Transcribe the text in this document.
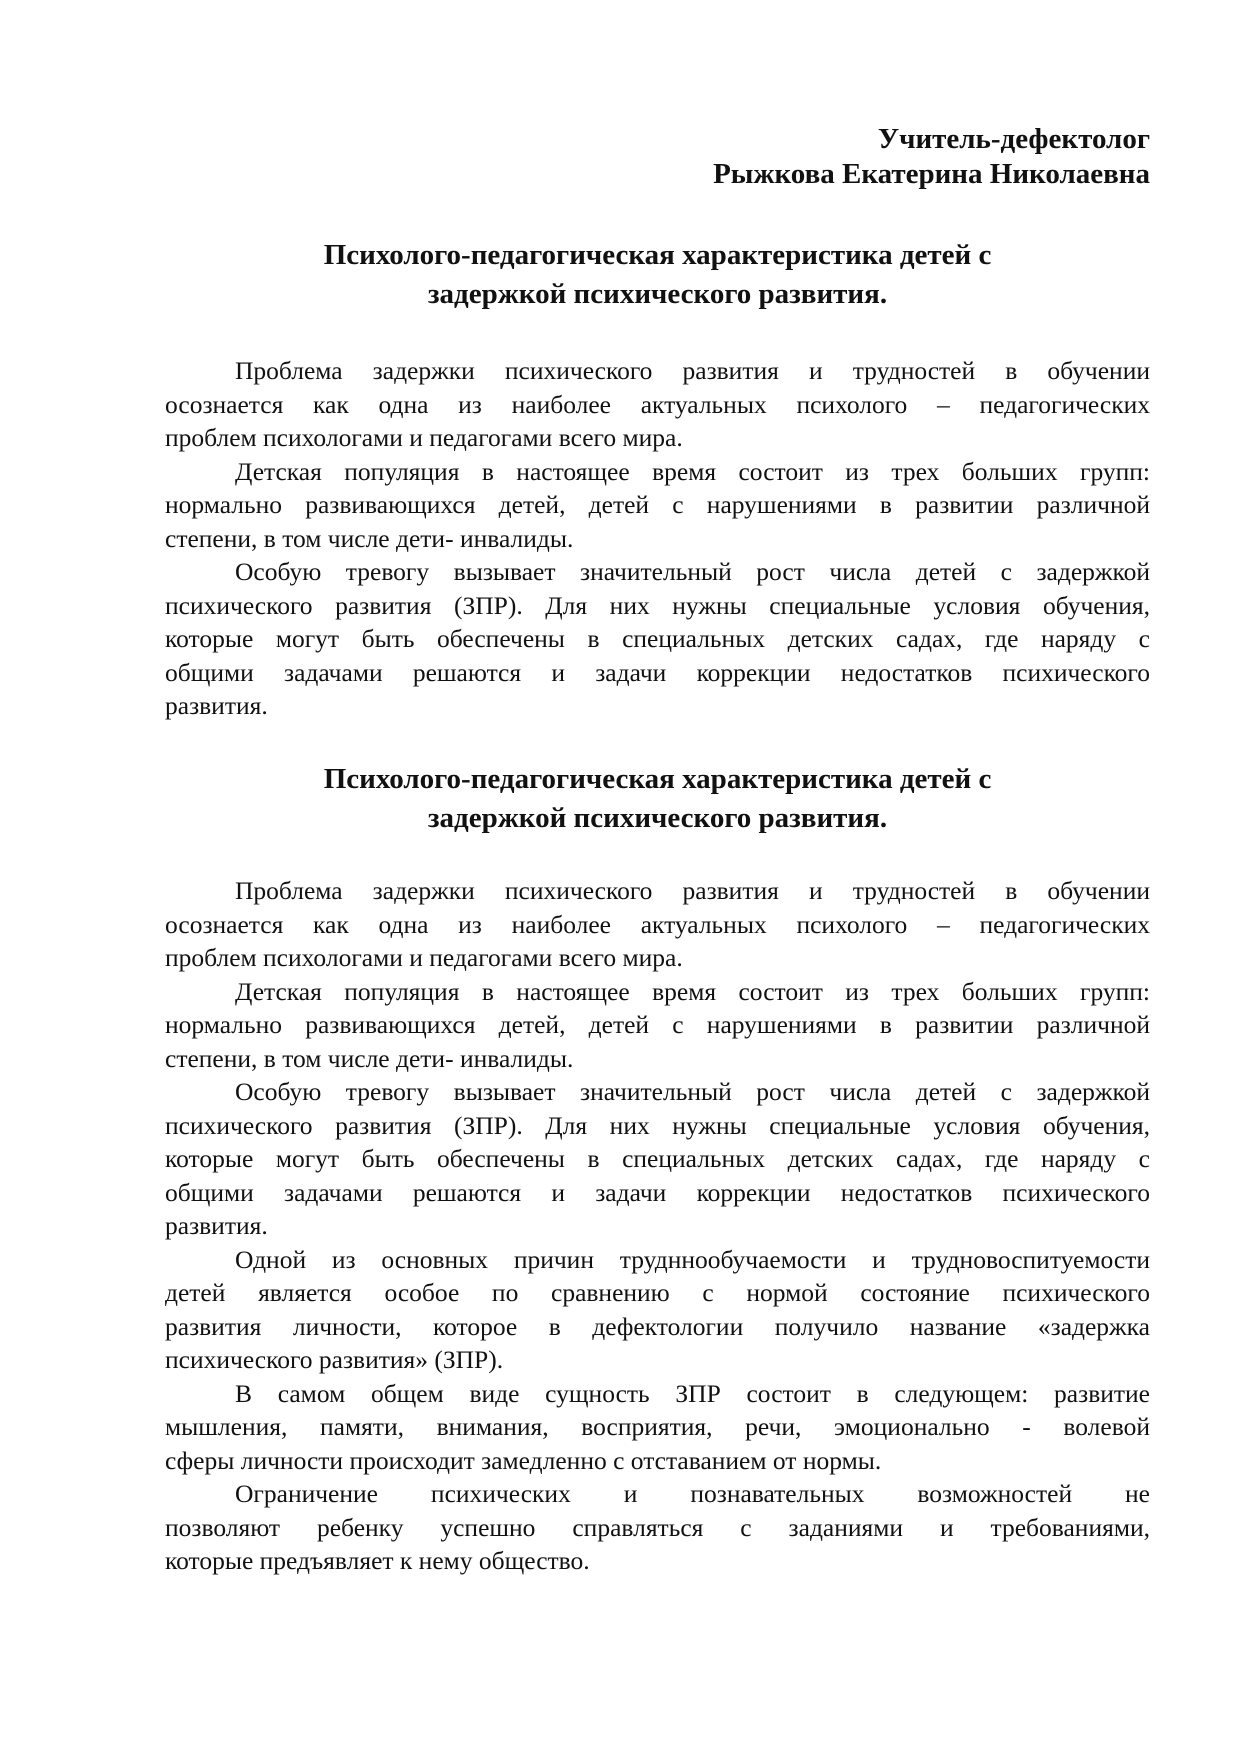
Учитель-дефектолог
Рыжкова Екатерина Николаевна
Психолого-педагогическая характеристика детей с
задержкой психического развития.
Проблема задержки психического развития и трудностей в обучении
осознается как одна из наиболее актуальных психолого – педагогических
проблем психологами и педагогами всего мира.
Детская популяция в настоящее время состоит из трех больших групп:
нормально развивающихся детей, детей с нарушениями в развитии различной
степени, в том числе дети- инвалиды.
Особую тревогу вызывает значительный рост числа детей с задержкой
психического развития (ЗПР). Для них нужны специальные условия обучения,
которые могут быть обеспечены в специальных детских садах, где наряду с
общими задачами решаются и задачи коррекции недостатков психического
развития.
Психолого-педагогическая характеристика детей с
задержкой психического развития.
Проблема задержки психического развития и трудностей в обучении
осознается как одна из наиболее актуальных психолого – педагогических
проблем психологами и педагогами всего мира.
Детская популяция в настоящее время состоит из трех больших групп:
нормально развивающихся детей, детей с нарушениями в развитии различной
степени, в том числе дети- инвалиды.
Особую тревогу вызывает значительный рост числа детей с задержкой
психического развития (ЗПР). Для них нужны специальные условия обучения,
которые могут быть обеспечены в специальных детских садах, где наряду с
общими задачами решаются и задачи коррекции недостатков психического
развития.
Одной из основных причин трудннообучаемости и трудновоспитуемости
детей является особое по сравнению с нормой состояние психического
развития личности, которое в дефектологии получило название «задержка
психического развития» (ЗПР).
В самом общем виде сущность ЗПР состоит в следующем: развитие
мышления, памяти, внимания, восприятия, речи, эмоционально - волевой
сферы личности происходит замедленно с отставанием от нормы.
Ограничение психических и познавательных возможностей не
позволяют ребенку успешно справляться с заданиями и требованиями,
которые предъявляет к нему общество.
